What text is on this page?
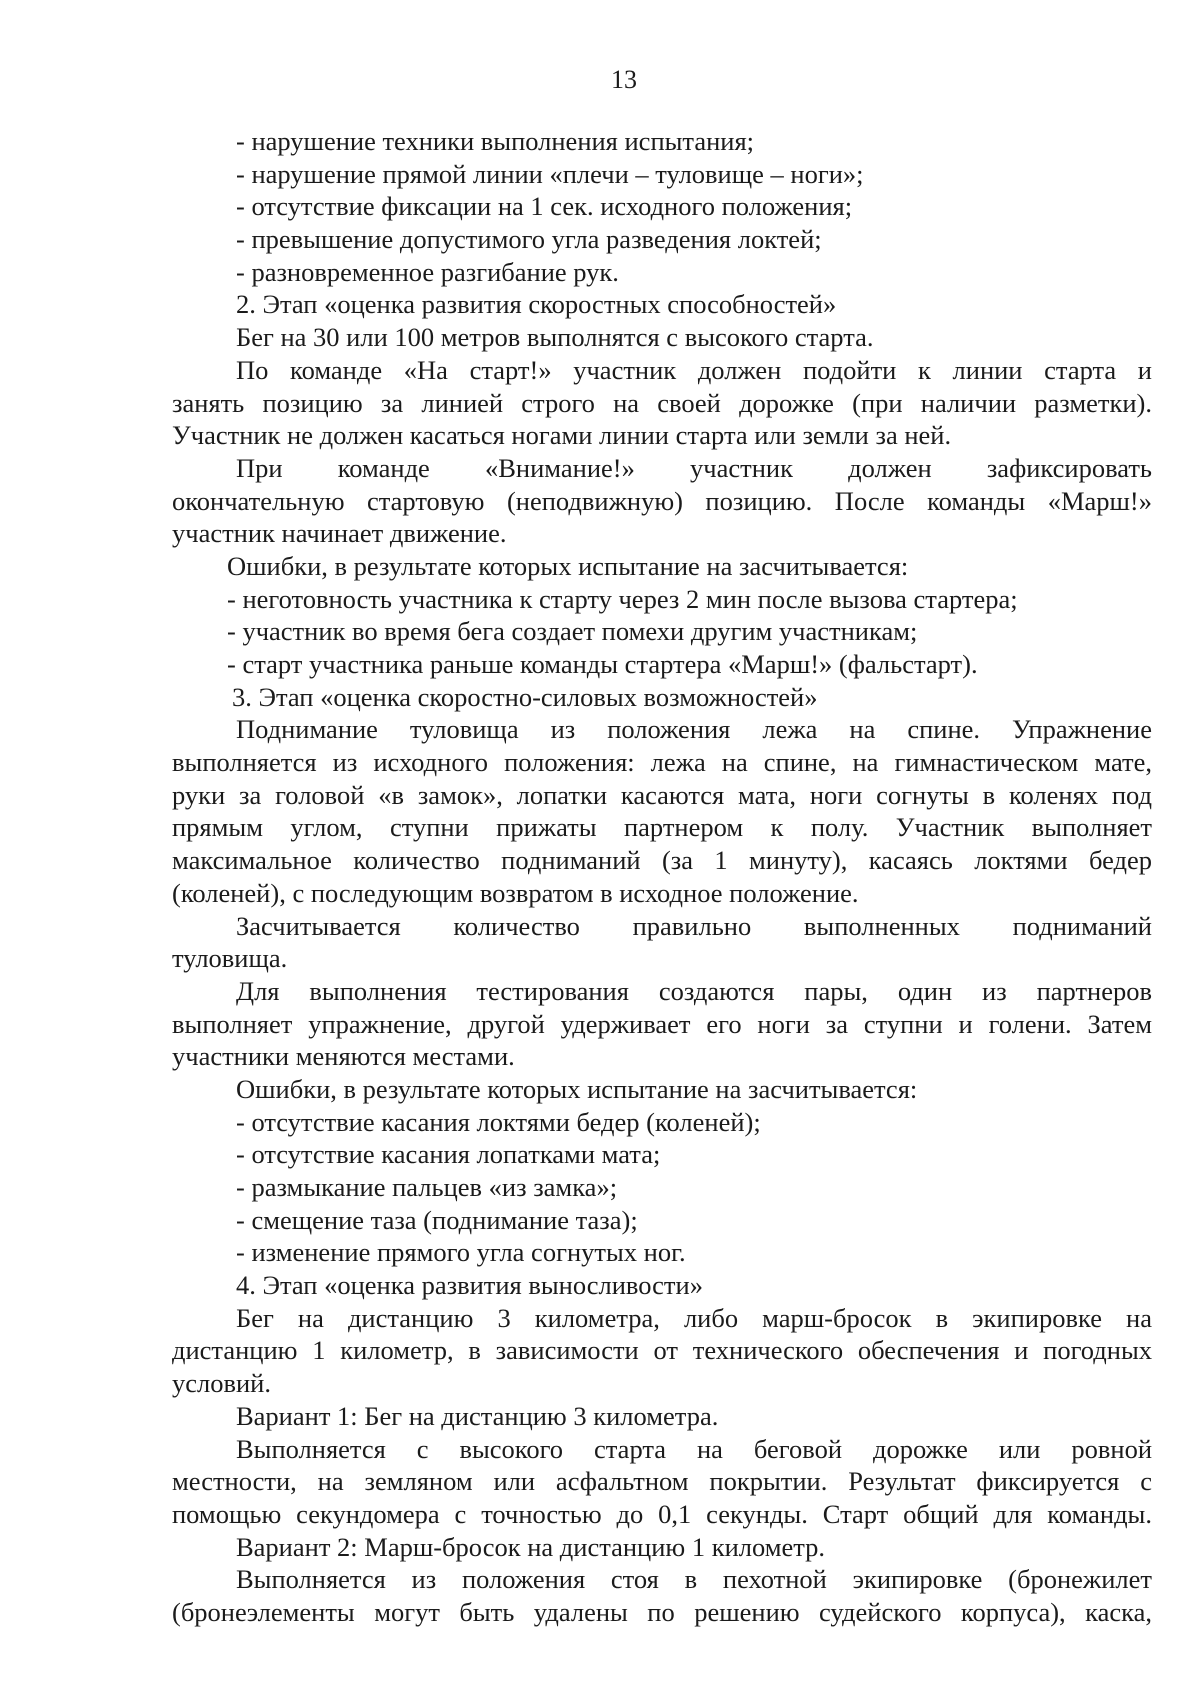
13
- нарушение техники выполнения испытания;
- нарушение прямой линии «плечи – туловище – ноги»;
- отсутствие фиксации на 1 сек. исходного положения;
- превышение допустимого угла разведения локтей;
- разновременное разгибание рук.
2. Этап «оценка развития скоростных способностей»
Бег на 30 или 100 метров выполнятся с высокого старта.
По команде «На старт!» участник должен подойти к линии старта и
занять позицию за линией строго на своей дорожке (при наличии разметки).
Участник не должен касаться ногами линии старта или земли за ней.
При команде «Внимание!» участник должен зафиксировать
окончательную стартовую (неподвижную) позицию. После команды «Марш!»
участник начинает движение.
Ошибки, в результате которых испытание на засчитывается:
- неготовность участника к старту через 2 мин после вызова стартера;
- участник во время бега создает помехи другим участникам;
- старт участника раньше команды стартера «Марш!» (фальстарт).
3. Этап «оценка скоростно-силовых возможностей»
Поднимание туловища из положения лежа на спине. Упражнение
выполняется из исходного положения: лежа на спине, на гимнастическом мате,
руки за головой «в замок», лопатки касаются мата, ноги согнуты в коленях под
прямым углом, ступни прижаты партнером к полу. Участник выполняет
максимальное количество подниманий (за 1 минуту), касаясь локтями бедер
(коленей), с последующим возвратом в исходное положение.
Засчитывается количество правильно выполненных подниманий
туловища.
Для выполнения тестирования создаются пары, один из партнеров
выполняет упражнение, другой удерживает его ноги за ступни и голени. Затем
участники меняются местами.
Ошибки, в результате которых испытание на засчитывается:
- отсутствие касания локтями бедер (коленей);
- отсутствие касания лопатками мата;
- размыкание пальцев «из замка»;
- смещение таза (поднимание таза);
- изменение прямого угла согнутых ног.
4. Этап «оценка развития выносливости»
Бег на дистанцию 3 километра, либо марш-бросок в экипировке на
дистанцию 1 километр, в зависимости от технического обеспечения и погодных
условий.
Вариант 1: Бег на дистанцию 3 километра.
Выполняется с высокого старта на беговой дорожке или ровной
местности, на земляном или асфальтном покрытии. Результат фиксируется с
помощью секундомера с точностью до 0,1 секунды. Старт общий для команды.
Вариант 2: Марш-бросок на дистанцию 1 километр.
Выполняется из положения стоя в пехотной экипировке (бронежилет
(бронеэлементы могут быть удалены по решению судейского корпуса), каска,
